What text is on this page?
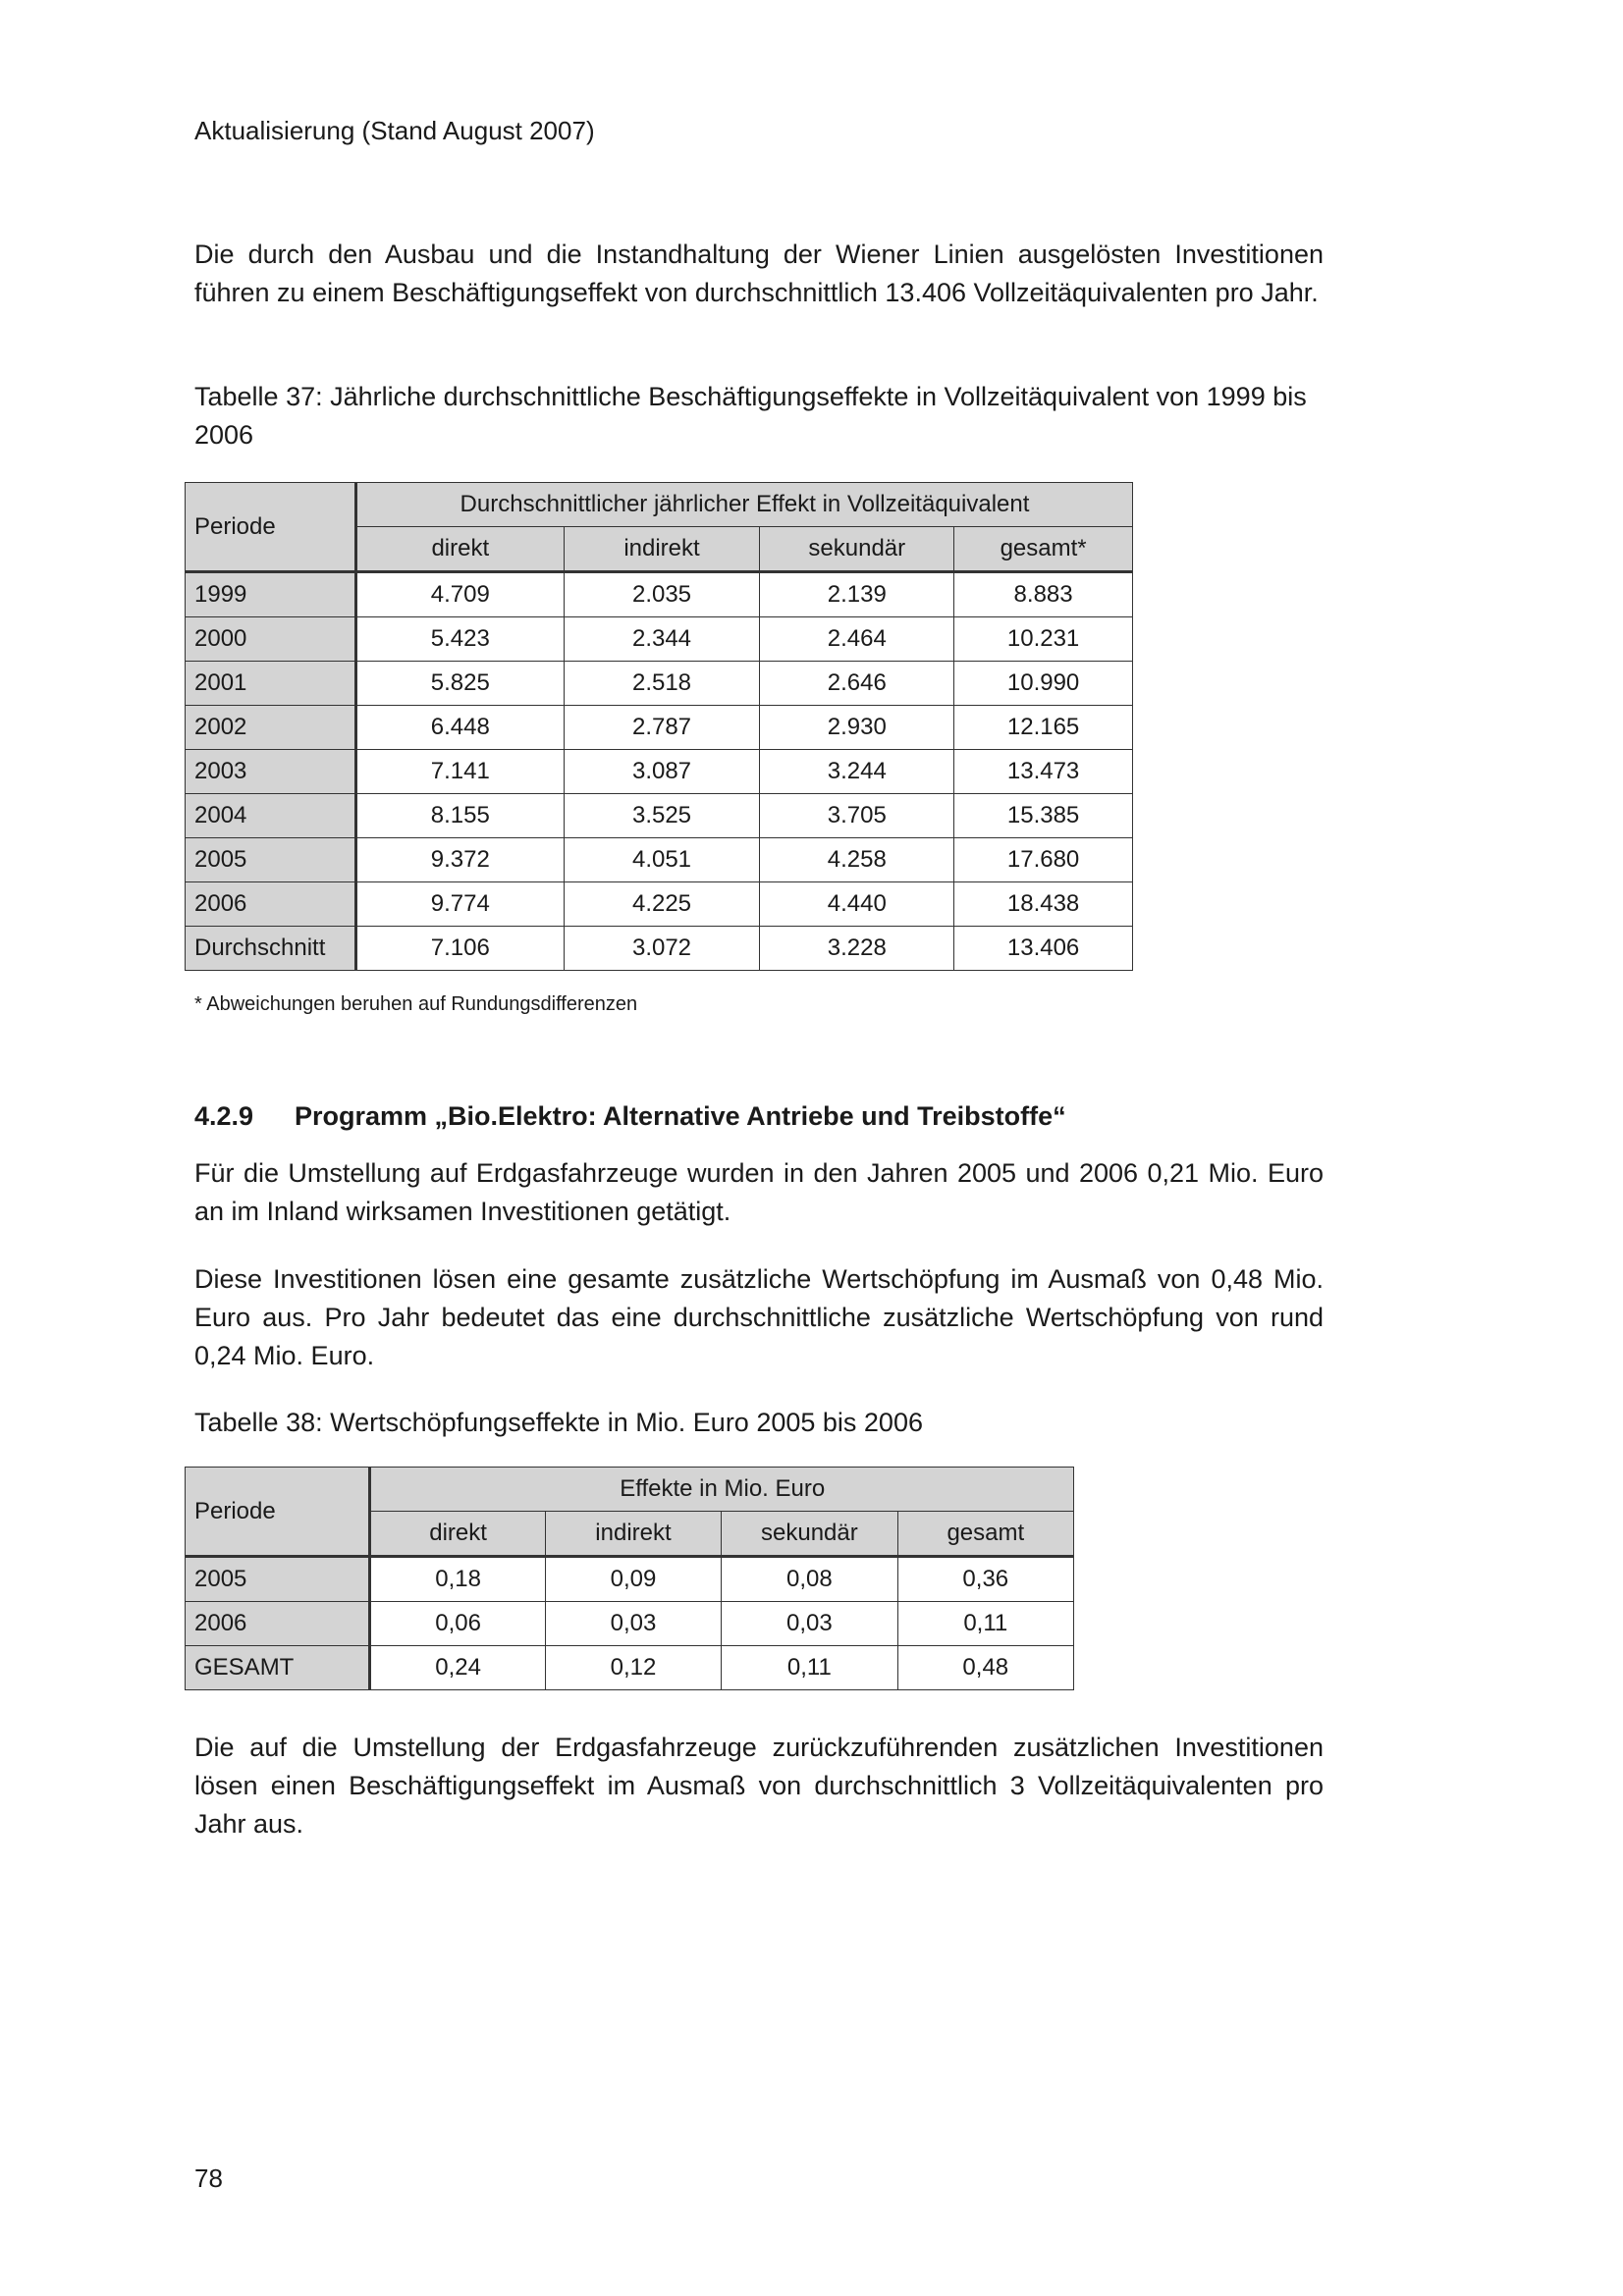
Aktualisierung (Stand August 2007)
Die durch den Ausbau und die Instandhaltung der Wiener Linien ausgelösten Investitionen führen zu einem Beschäftigungseffekt von durchschnittlich 13.406 Vollzeitäquivalenten pro Jahr.
Tabelle 37: Jährliche durchschnittliche Beschäftigungseffekte in Vollzeitäquivalent von 1999 bis 2006
Periode	Durchschnittlicher jährlicher Effekt in Vollzeitäquivalent			
	direkt	indirekt	sekundär	gesamt*
1999	4.709	2.035	2.139	8.883
2000	5.423	2.344	2.464	10.231
2001	5.825	2.518	2.646	10.990
2002	6.448	2.787	2.930	12.165
2003	7.141	3.087	3.244	13.473
2004	8.155	3.525	3.705	15.385
2005	9.372	4.051	4.258	17.680
2006	9.774	4.225	4.440	18.438
Durchschnitt	7.106	3.072	3.228	13.406
* Abweichungen beruhen auf Rundungsdifferenzen
4.2.9 Programm „Bio.Elektro: Alternative Antriebe und Treibstoffe“
Für die Umstellung auf Erdgasfahrzeuge wurden in den Jahren 2005 und 2006 0,21 Mio. Euro an im Inland wirksamen Investitionen getätigt.
Diese Investitionen lösen eine gesamte zusätzliche Wertschöpfung im Ausmaß von 0,48 Mio. Euro aus. Pro Jahr bedeutet das eine durchschnittliche zusätzliche Wertschöpfung von rund 0,24 Mio. Euro.
Tabelle 38: Wertschöpfungseffekte in Mio. Euro 2005 bis 2006
Periode	Effekte in Mio. Euro			
	direkt	indirekt	sekundär	gesamt
2005	0,18	0,09	0,08	0,36
2006	0,06	0,03	0,03	0,11
GESAMT	0,24	0,12	0,11	0,48
Die auf die Umstellung der Erdgasfahrzeuge zurückzuführenden zusätzlichen Investitionen lösen einen Beschäftigungseffekt im Ausmaß von durchschnittlich 3 Vollzeitäquivalenten pro Jahr aus.
78
